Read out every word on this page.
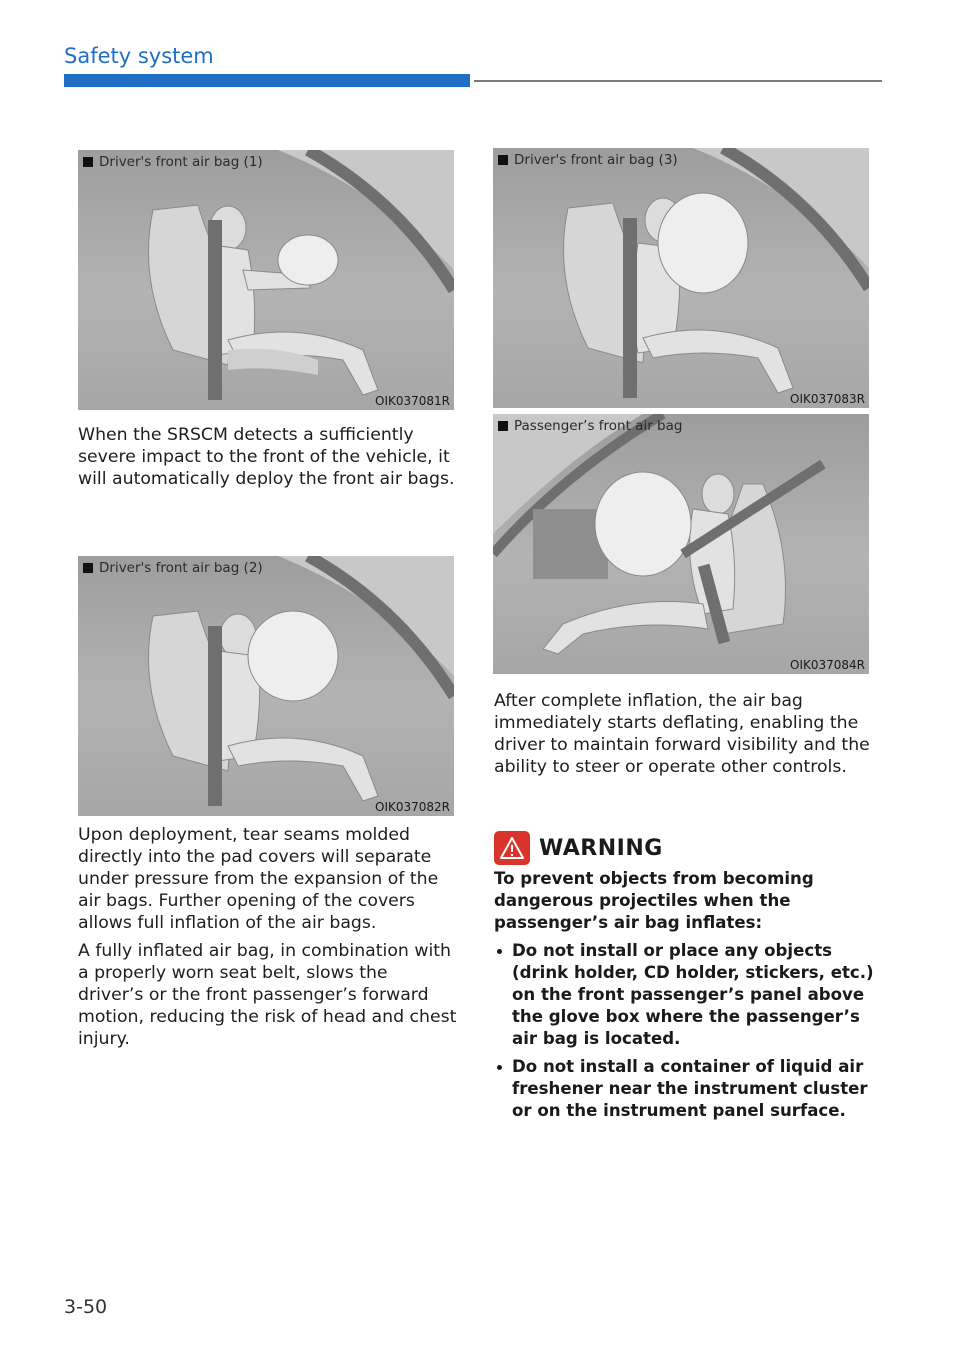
Safety system
Driver's front air bag (1)
OIK037081R

When the SRSCM detects a sufficiently severe impact to the front of the vehicle, it will automatically deploy the front air bags.

Driver's front air bag (2)
OIK037082R

Upon deployment, tear seams molded directly into the pad covers will separate under pressure from the expansion of the air bags. Further opening of the covers allows full inflation of the air bags.

A fully inflated air bag, in combination with a properly worn seat belt, slows the driver’s or the front passenger’s forward motion, reducing the risk of head and chest injury.

Driver's front air bag (3)
OIK037083R
Passenger’s front air bag
OIK037084R

After complete inflation, the air bag immediately starts deflating, enabling the driver to maintain forward visibility and the ability to steer or operate other controls.

WARNING

To prevent objects from becoming dangerous projectiles when the passenger’s air bag inflates:

Do not install or place any objects (drink holder, CD holder, stickers, etc.) on the front passenger’s panel above the glove box where the passenger’s air bag is located.
Do not install a container of liquid air freshener near the instrument cluster or on the instrument panel surface.
3-50
